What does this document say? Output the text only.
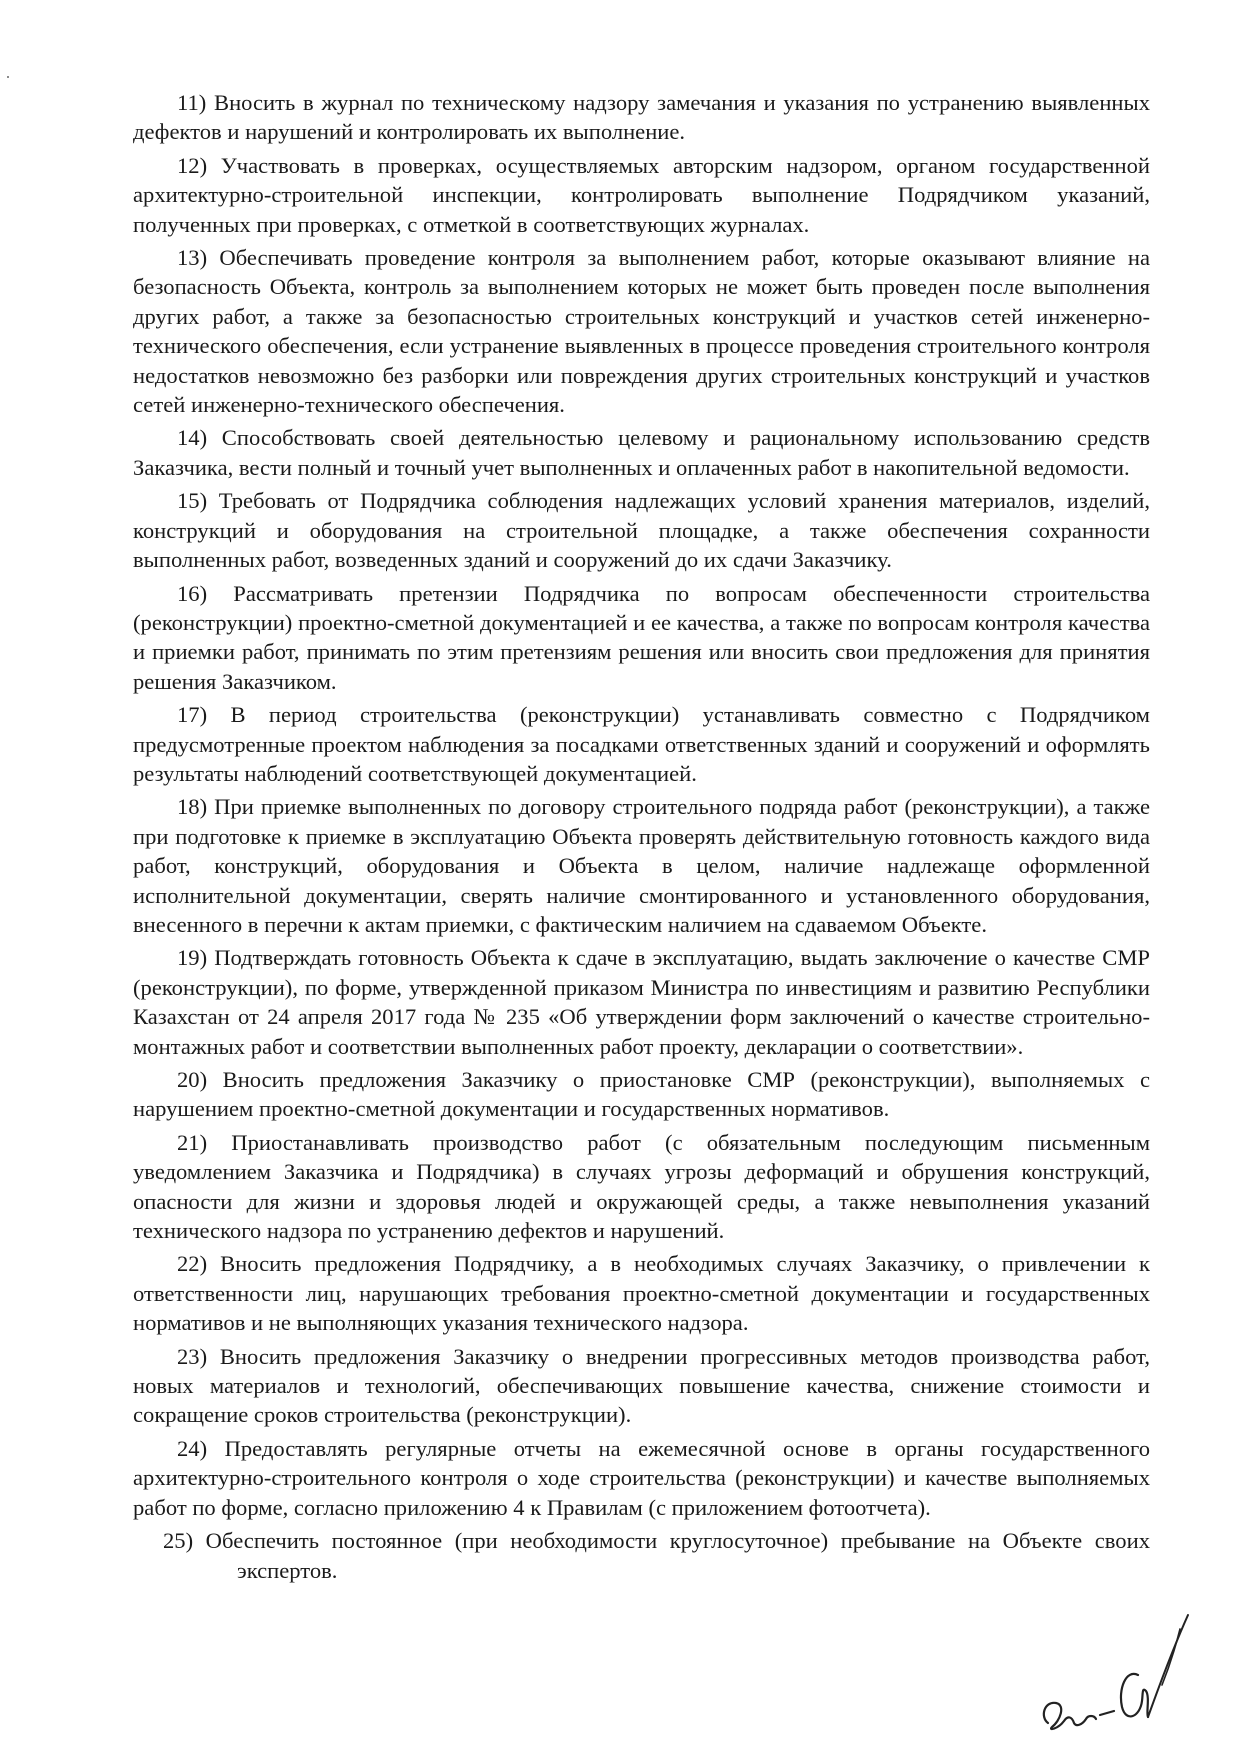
11) Вносить в журнал по техническому надзору замечания и указания по устранению выявленных дефектов и нарушений и контролировать их выполнение.

12) Участвовать в проверках, осуществляемых авторским надзором, органом государственной архитектурно-строительной инспекции, контролировать выполнение Подрядчиком указаний, полученных при проверках, с отметкой в соответствующих журналах.

13) Обеспечивать проведение контроля за выполнением работ, которые оказывают влияние на безопасность Объекта, контроль за выполнением которых не может быть проведен после выполнения других работ, а также за безопасностью строительных конструкций и участков сетей инженерно-технического обеспечения, если устранение выявленных в процессе проведения строительного контроля недостатков невозможно без разборки или повреждения других строительных конструкций и участков сетей инженерно-технического обеспечения.

14) Способствовать своей деятельностью целевому и рациональному использованию средств Заказчика, вести полный и точный учет выполненных и оплаченных работ в накопительной ведомости.

15) Требовать от Подрядчика соблюдения надлежащих условий хранения материалов, изделий, конструкций и оборудования на строительной площадке, а также обеспечения сохранности выполненных работ, возведенных зданий и сооружений до их сдачи Заказчику.

16) Рассматривать претензии Подрядчика по вопросам обеспеченности строительства (реконструкции) проектно-сметной документацией и ее качества, а также по вопросам контроля качества и приемки работ, принимать по этим претензиям решения или вносить свои предложения для принятия решения Заказчиком.

17) В период строительства (реконструкции) устанавливать совместно с Подрядчиком предусмотренные проектом наблюдения за посадками ответственных зданий и сооружений и оформлять результаты наблюдений соответствующей документацией.

18) При приемке выполненных по договору строительного подряда работ (реконструкции), а также при подготовке к приемке в эксплуатацию Объекта проверять действительную готовность каждого вида работ, конструкций, оборудования и Объекта в целом, наличие надлежаще оформленной исполнительной документации, сверять наличие смонтированного и установленного оборудования, внесенного в перечни к актам приемки, с фактическим наличием на сдаваемом Объекте.

19) Подтверждать готовность Объекта к сдаче в эксплуатацию, выдать заключение о качестве СМР (реконструкции), по форме, утвержденной приказом Министра по инвестициям и развитию Республики Казахстан от 24 апреля 2017 года № 235 «Об утверждении форм заключений о качестве строительно-монтажных работ и соответствии выполненных работ проекту, декларации о соответствии».

20) Вносить предложения Заказчику о приостановке СМР (реконструкции), выполняемых с нарушением проектно-сметной документации и государственных нормативов.

21) Приостанавливать производство работ (с обязательным последующим письменным уведомлением Заказчика и Подрядчика) в случаях угрозы деформаций и обрушения конструкций, опасности для жизни и здоровья людей и окружающей среды, а также невыполнения указаний технического надзора по устранению дефектов и нарушений.

22) Вносить предложения Подрядчику, а в необходимых случаях Заказчику, о привлечении к ответственности лиц, нарушающих требования проектно-сметной документации и государственных нормативов и не выполняющих указания технического надзора.

23) Вносить предложения Заказчику о внедрении прогрессивных методов производства работ, новых материалов и технологий, обеспечивающих повышение качества, снижение стоимости и сокращение сроков строительства (реконструкции).

24) Предоставлять регулярные отчеты на ежемесячной основе в органы государственного архитектурно-строительного контроля о ходе строительства (реконструкции) и качестве выполняемых работ по форме, согласно приложению 4 к Правилам (с приложением фотоотчета).

25) Обеспечить постоянное (при необходимости круглосуточное) пребывание на Объекте своих экспертов.
